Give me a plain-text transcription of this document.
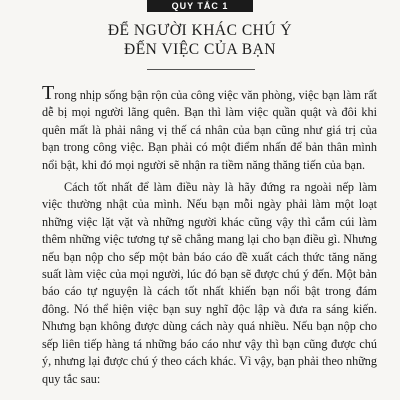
QUY TẮC 1
ĐỂ NGƯỜI KHÁC CHÚ Ý
ĐẾN VIỆC CỦA BẠN

Trong nhịp sống bận rộn của công việc văn phòng, việc bạn làm rất dễ bị mọi người lãng quên. Bạn thì làm việc quần quật và đôi khi quên mất là phải nâng vị thế cá nhân của bạn cũng như giá trị của bạn trong công việc. Bạn phải có một điểm nhấn để bản thân mình nổi bật, khi đó mọi người sẽ nhận ra tiềm năng thăng tiến của bạn.

Cách tốt nhất để làm điều này là hãy đứng ra ngoài nếp làm việc thường nhật của mình. Nếu bạn mỗi ngày phải làm một loạt những việc lặt vặt và những người khác cũng vậy thì cắm cúi làm thêm những việc tương tự sẽ chẳng mang lại cho bạn điều gì. Nhưng nếu bạn nộp cho sếp một bản báo cáo đề xuất cách thức tăng năng suất làm việc của mọi người, lúc đó bạn sẽ được chú ý đến. Một bản báo cáo tự nguyện là cách tốt nhất khiến bạn nổi bật trong đám đông. Nó thể hiện việc bạn suy nghĩ độc lập và đưa ra sáng kiến. Nhưng bạn không được dùng cách này quá nhiều. Nếu bạn nộp cho sếp liên tiếp hàng tá những báo cáo như vậy thì bạn cũng được chú ý, nhưng lại được chú ý theo cách khác. Vì vậy, bạn phải theo những quy tắc sau:
